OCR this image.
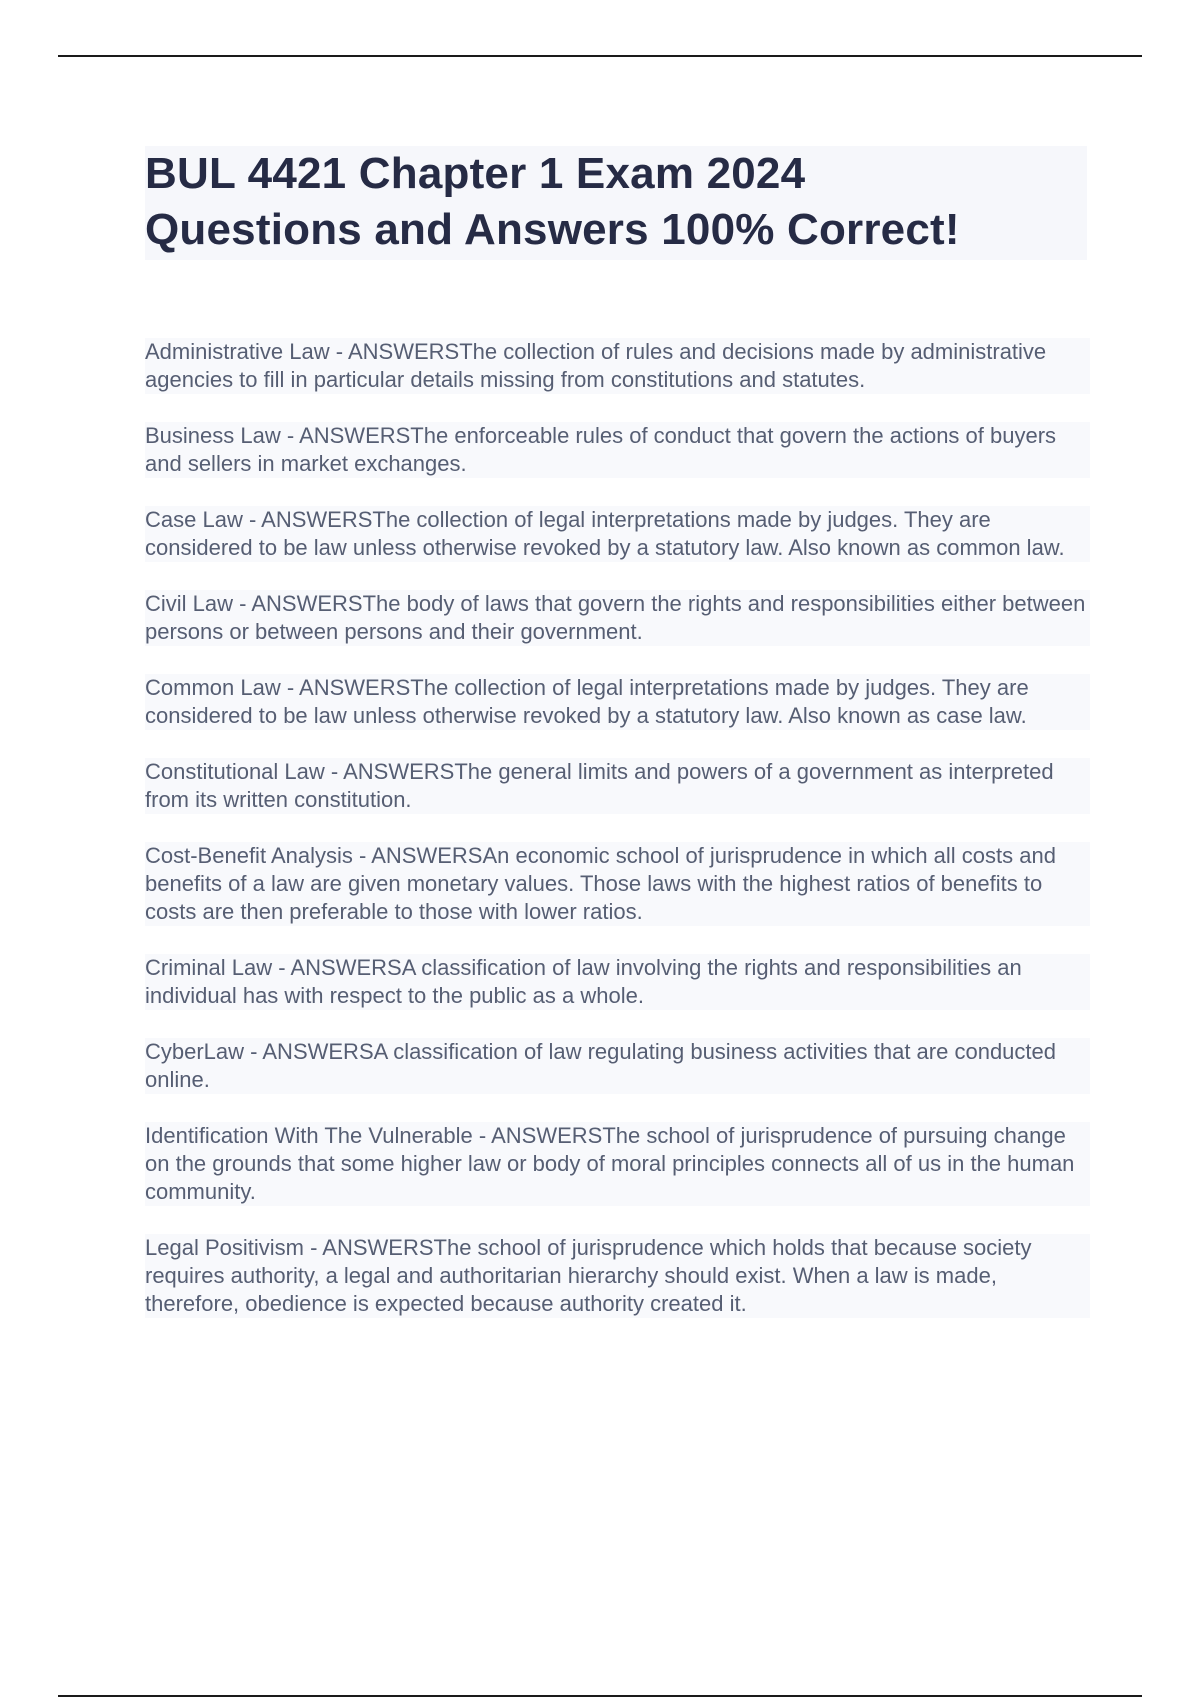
BUL 4421 Chapter 1 Exam 2024
Questions and Answers 100% Correct!

Administrative Law - ANSWERSThe collection of rules and decisions made by administrative agencies to fill in particular details missing from constitutions and statutes.

Business Law - ANSWERSThe enforceable rules of conduct that govern the actions of buyers and sellers in market exchanges.

Case Law - ANSWERSThe collection of legal interpretations made by judges. They are considered to be law unless otherwise revoked by a statutory law. Also known as common law.

Civil Law - ANSWERSThe body of laws that govern the rights and responsibilities either between persons or between persons and their government.

Common Law - ANSWERSThe collection of legal interpretations made by judges. They are considered to be law unless otherwise revoked by a statutory law. Also known as case law.

Constitutional Law - ANSWERSThe general limits and powers of a government as interpreted from its written constitution.

Cost-Benefit Analysis - ANSWERSAn economic school of jurisprudence in which all costs and benefits of a law are given monetary values. Those laws with the highest ratios of benefits to costs are then preferable to those with lower ratios.

Criminal Law - ANSWERSA classification of law involving the rights and responsibilities an individual has with respect to the public as a whole.

CyberLaw - ANSWERSA classification of law regulating business activities that are conducted online.

Identification With The Vulnerable - ANSWERSThe school of jurisprudence of pursuing change on the grounds that some higher law or body of moral principles connects all of us in the human community.

Legal Positivism - ANSWERSThe school of jurisprudence which holds that because society requires authority, a legal and authoritarian hierarchy should exist. When a law is made, therefore, obedience is expected because authority created it.
